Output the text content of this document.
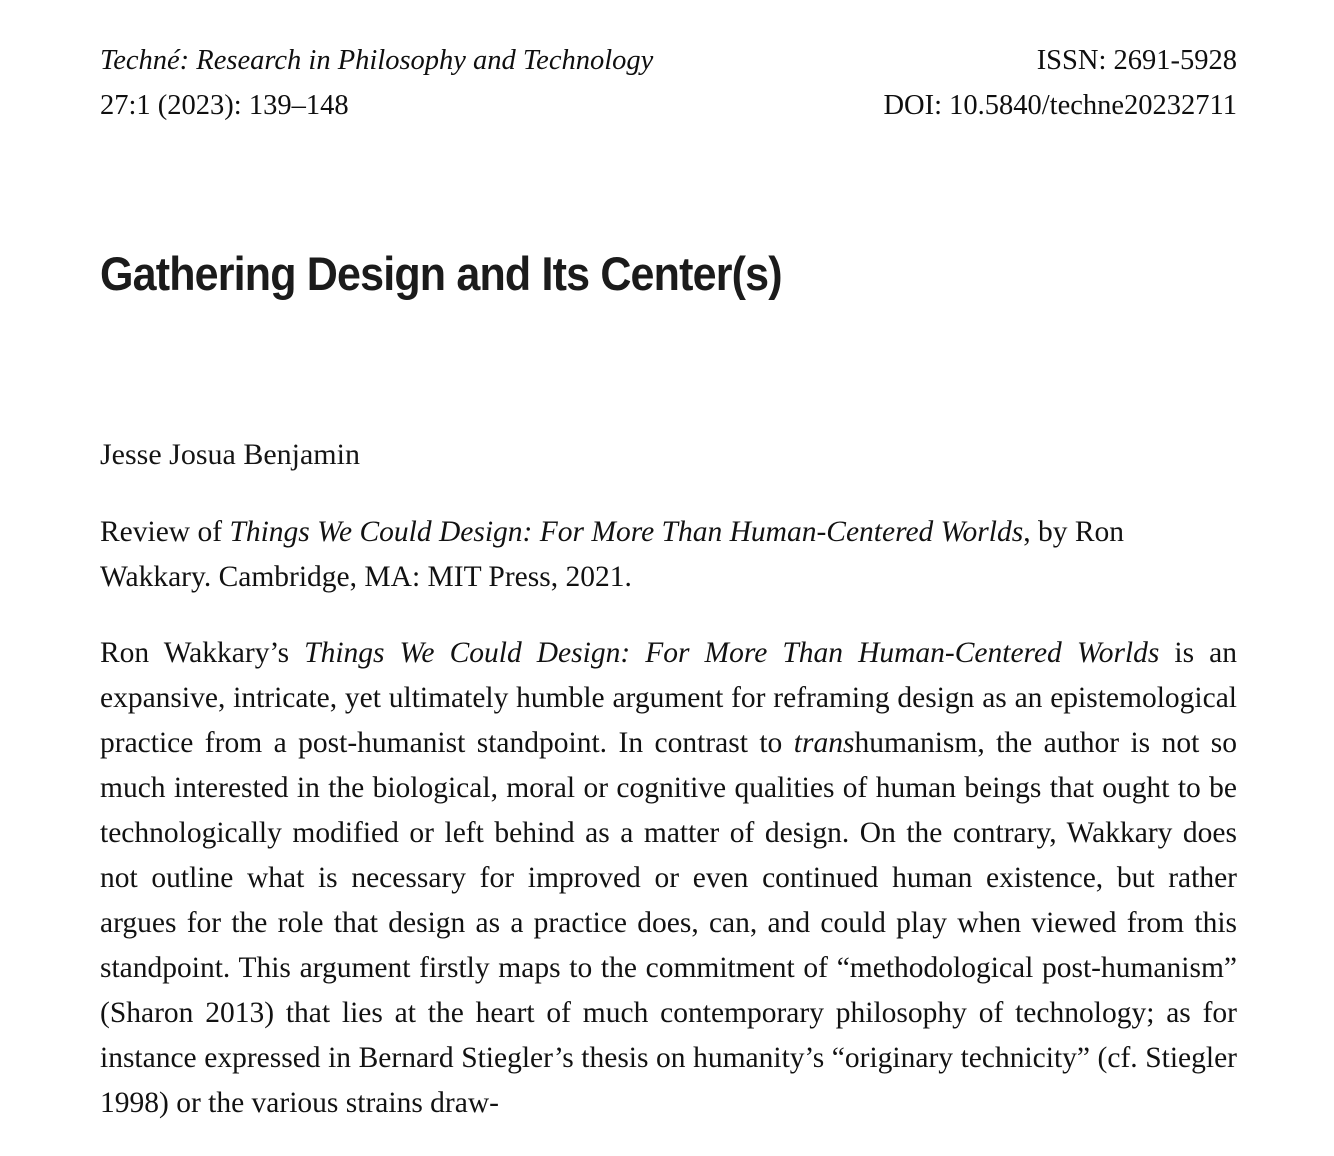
Techné: Research in Philosophy and Technology	ISSN: 2691-5928
27:1 (2023): 139–148	DOI: 10.5840/techne20232711
Gathering Design and Its Center(s)
Jesse Josua Benjamin
Review of Things We Could Design: For More Than Human-Centered Worlds, by Ron Wakkary. Cambridge, MA: MIT Press, 2021.
Ron Wakkary’s Things We Could Design: For More Than Human-Centered Worlds is an expansive, intricate, yet ultimately humble argument for reframing design as an epistemological practice from a post-humanist standpoint. In contrast to transhumanism, the author is not so much interested in the biological, moral or cognitive qualities of human beings that ought to be technologically modified or left behind as a matter of design. On the contrary, Wakkary does not outline what is necessary for improved or even continued human existence, but rather argues for the role that design as a practice does, can, and could play when viewed from this standpoint. This argument firstly maps to the commitment of “methodological post-humanism” (Sharon 2013) that lies at the heart of much contemporary philosophy of technology; as for instance expressed in Bernard Stiegler’s thesis on humanity’s “originary technicity” (cf. Stiegler 1998) or the various strains draw-
